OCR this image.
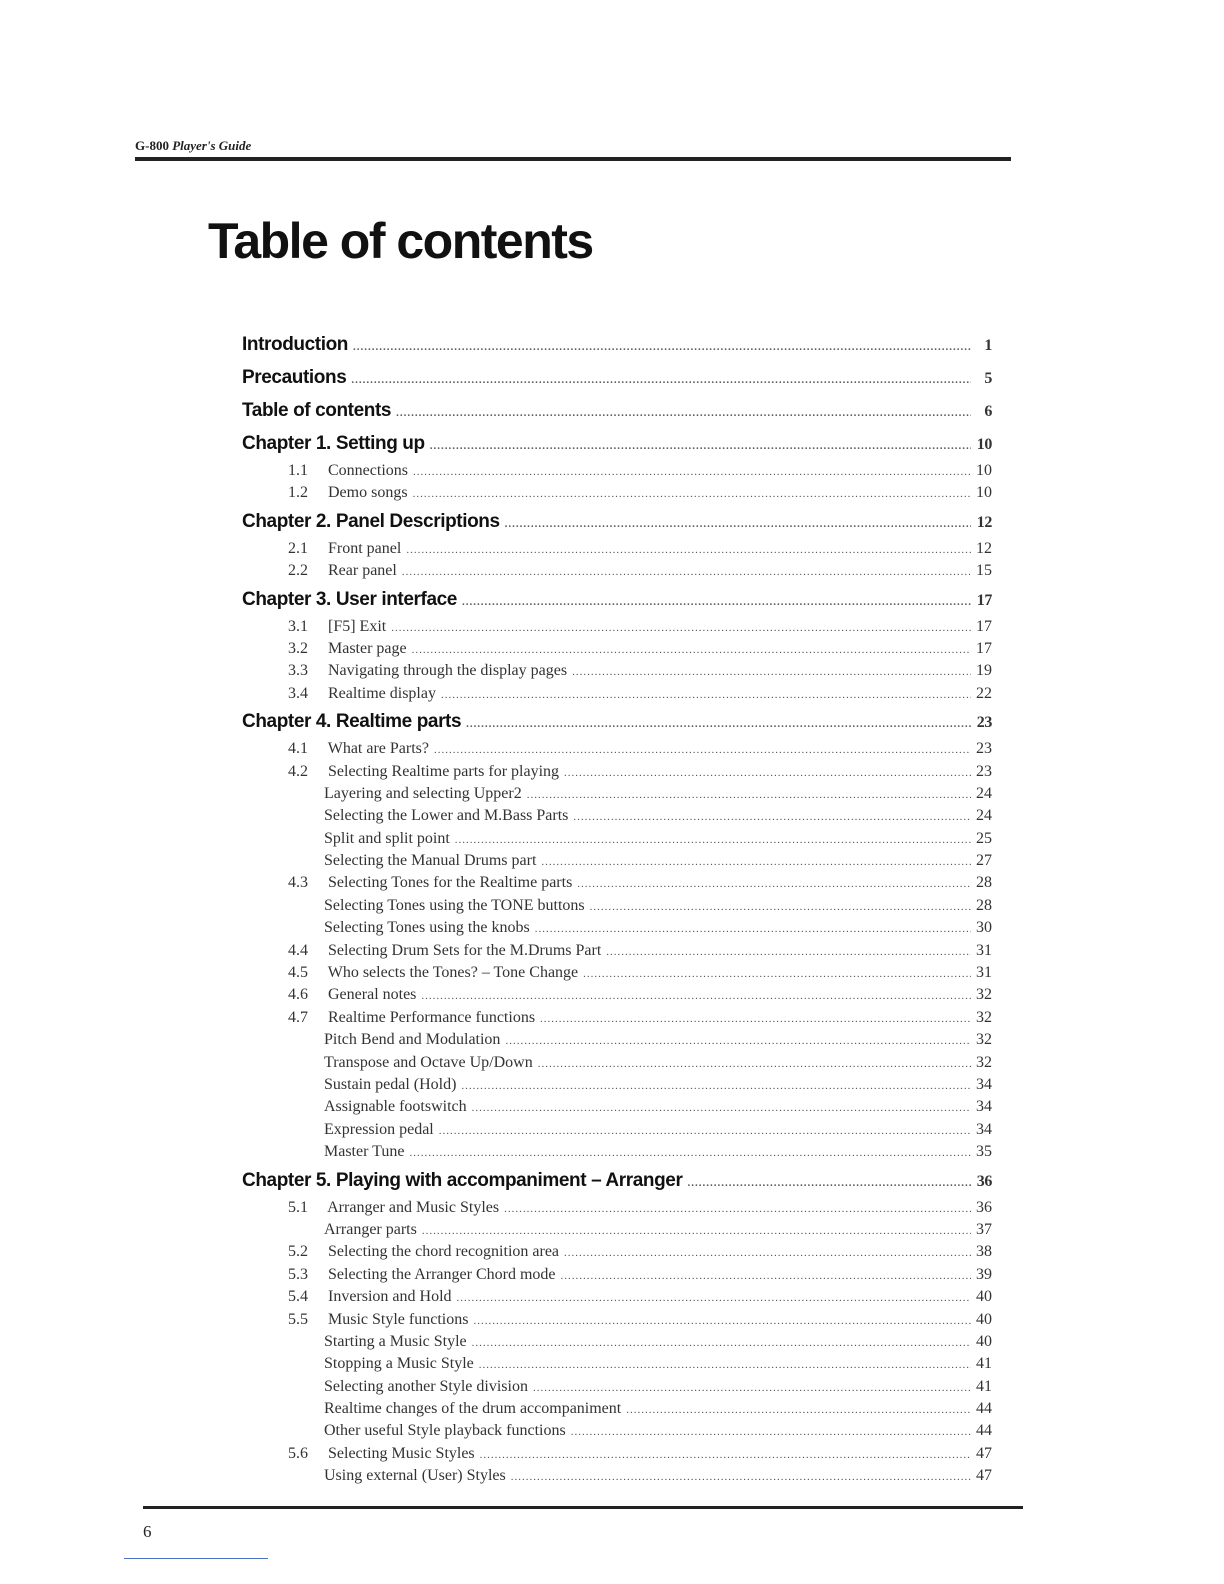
G-800 Player's Guide
Table of contents
Introduction .....	1
Precautions .....	5
Table of contents .....	6
Chapter 1. Setting up .....	10
1.1 Connections .....	10
1.2 Demo songs .....	10
Chapter 2. Panel Descriptions .....	12
2.1 Front panel .....	12
2.2 Rear panel .....	15
Chapter 3. User interface .....	17
3.1 [F5] Exit .....	17
3.2 Master page .....	17
3.3 Navigating through the display pages .....	19
3.4 Realtime display .....	22
Chapter 4. Realtime parts .....	23
4.1 What are Parts? .....	23
4.2 Selecting Realtime parts for playing .....	23
Layering and selecting Upper2 .....	24
Selecting the Lower and M.Bass Parts .....	24
Split and split point .....	25
Selecting the Manual Drums part .....	27
4.3 Selecting Tones for the Realtime parts .....	28
Selecting Tones using the TONE buttons .....	28
Selecting Tones using the knobs .....	30
4.4 Selecting Drum Sets for the M.Drums Part .....	31
4.5 Who selects the Tones? – Tone Change .....	31
4.6 General notes .....	32
4.7 Realtime Performance functions .....	32
Pitch Bend and Modulation .....	32
Transpose and Octave Up/Down .....	32
Sustain pedal (Hold) .....	34
Assignable footswitch .....	34
Expression pedal .....	34
Master Tune .....	35
Chapter 5. Playing with accompaniment – Arranger .....	36
5.1 Arranger and Music Styles .....	36
Arranger parts .....	37
5.2 Selecting the chord recognition area .....	38
5.3 Selecting the Arranger Chord mode .....	39
5.4 Inversion and Hold .....	40
5.5 Music Style functions .....	40
Starting a Music Style .....	40
Stopping a Music Style .....	41
Selecting another Style division .....	41
Realtime changes of the drum accompaniment .....	44
Other useful Style playback functions .....	44
5.6 Selecting Music Styles .....	47
Using external (User) Styles .....	47
6
